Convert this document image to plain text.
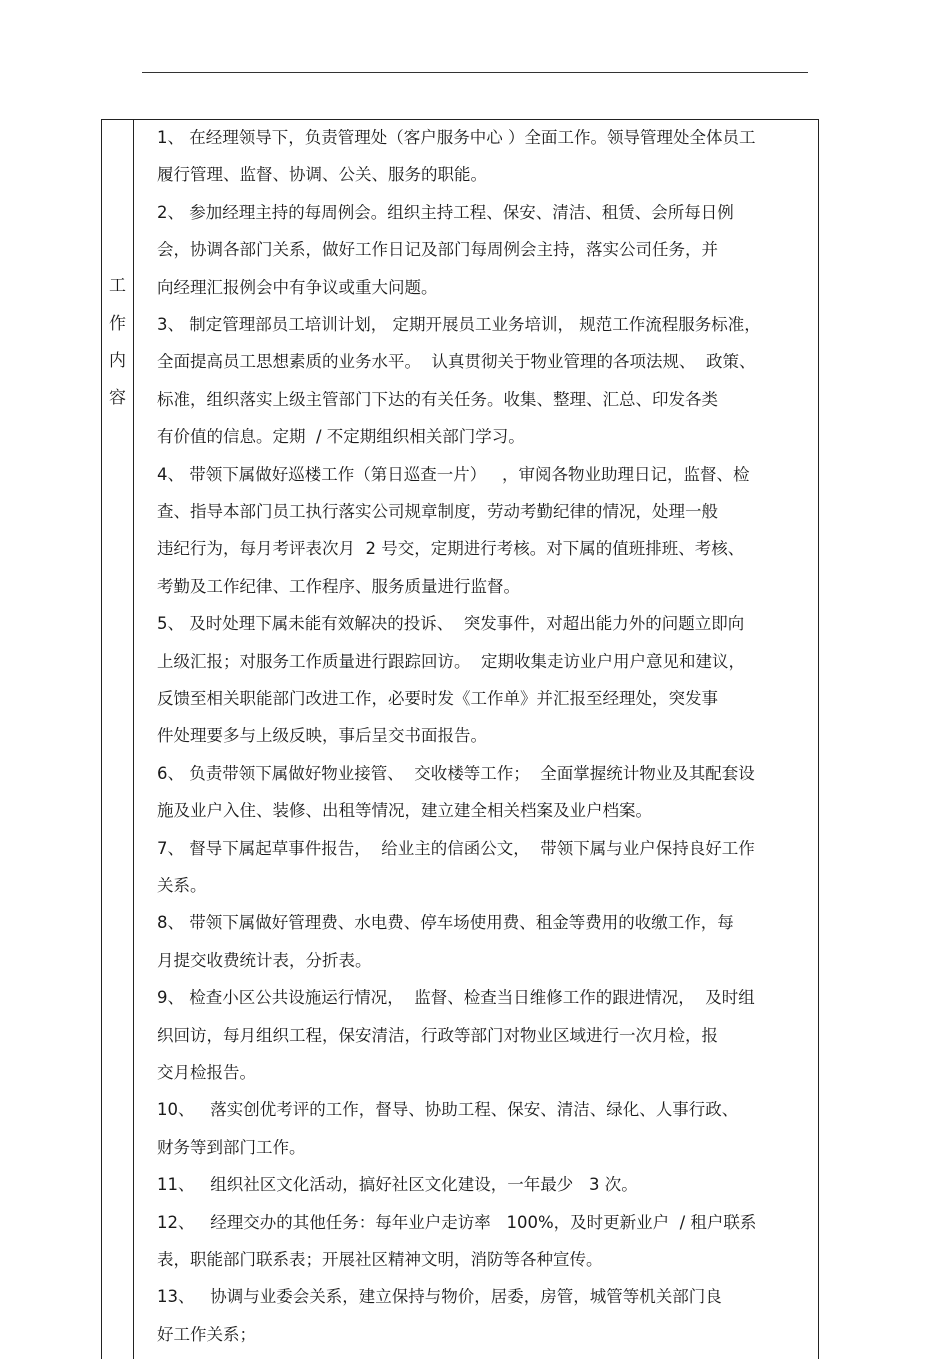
工
作
内
容
1、 在经理领导下，负责管理处（客户服务中心 ）全面工作。领导管理处全体员工
履行管理、监督、协调、公关、服务的职能。
2、 参加经理主持的每周例会。组织主持工程、保安、清洁、租赁、会所每日例
会，协调各部门关系，做好工作日记及部门每周例会主持，落实公司任务，并
向经理汇报例会中有争议或重大问题。
3、 制定管理部员工培训计划， 定期开展员工业务培训， 规范工作流程服务标准，
全面提高员工思想素质的业务水平。  认真贯彻关于物业管理的各项法规、  政策、
标准，组织落实上级主管部门下达的有关任务。收集、整理、汇总、印发各类
有价值的信息。定期  / 不定期组织相关部门学习。
4、 带领下属做好巡楼工作（第日巡查一片）   ，审阅各物业助理日记，监督、检
查、指导本部门员工执行落实公司规章制度，劳动考勤纪律的情况，处理一般
违纪行为，每月考评表次月  2 号交，定期进行考核。对下属的值班排班、考核、
考勤及工作纪律、工作程序、服务质量进行监督。
5、 及时处理下属未能有效解决的投诉、  突发事件，对超出能力外的问题立即向
上级汇报；对服务工作质量进行跟踪回访。  定期收集走访业户用户意见和建议，
反馈至相关职能部门改进工作，必要时发《工作单》并汇报至经理处，突发事
件处理要多与上级反映，事后呈交书面报告。
6、 负责带领下属做好物业接管、  交收楼等工作；  全面掌握统计物业及其配套设
施及业户入住、装修、出租等情况，建立建全相关档案及业户档案。
7、 督导下属起草事件报告，  给业主的信函公文，  带领下属与业户保持良好工作
关系。
8、 带领下属做好管理费、水电费、停车场使用费、租金等费用的收缴工作，每
月提交收费统计表，分折表。
9、 检查小区公共设施运行情况，  监督、检查当日维修工作的跟进情况，  及时组
织回访，每月组织工程，保安清洁，行政等部门对物业区域进行一次月检，报
交月检报告。
10、   落实创优考评的工作，督导、协助工程、保安、清洁、绿化、人事行政、
财务等到部门工作。
11、   组织社区文化活动，搞好社区文化建设，一年最少   3 次。
12、   经理交办的其他任务：每年业户走访率   100%，及时更新业户  / 租户联系
表，职能部门联系表；开展社区精神文明，消防等各种宣传。
13、   协调与业委会关系，建立保持与物价，居委，房管，城管等机关部门良
好工作关系；
